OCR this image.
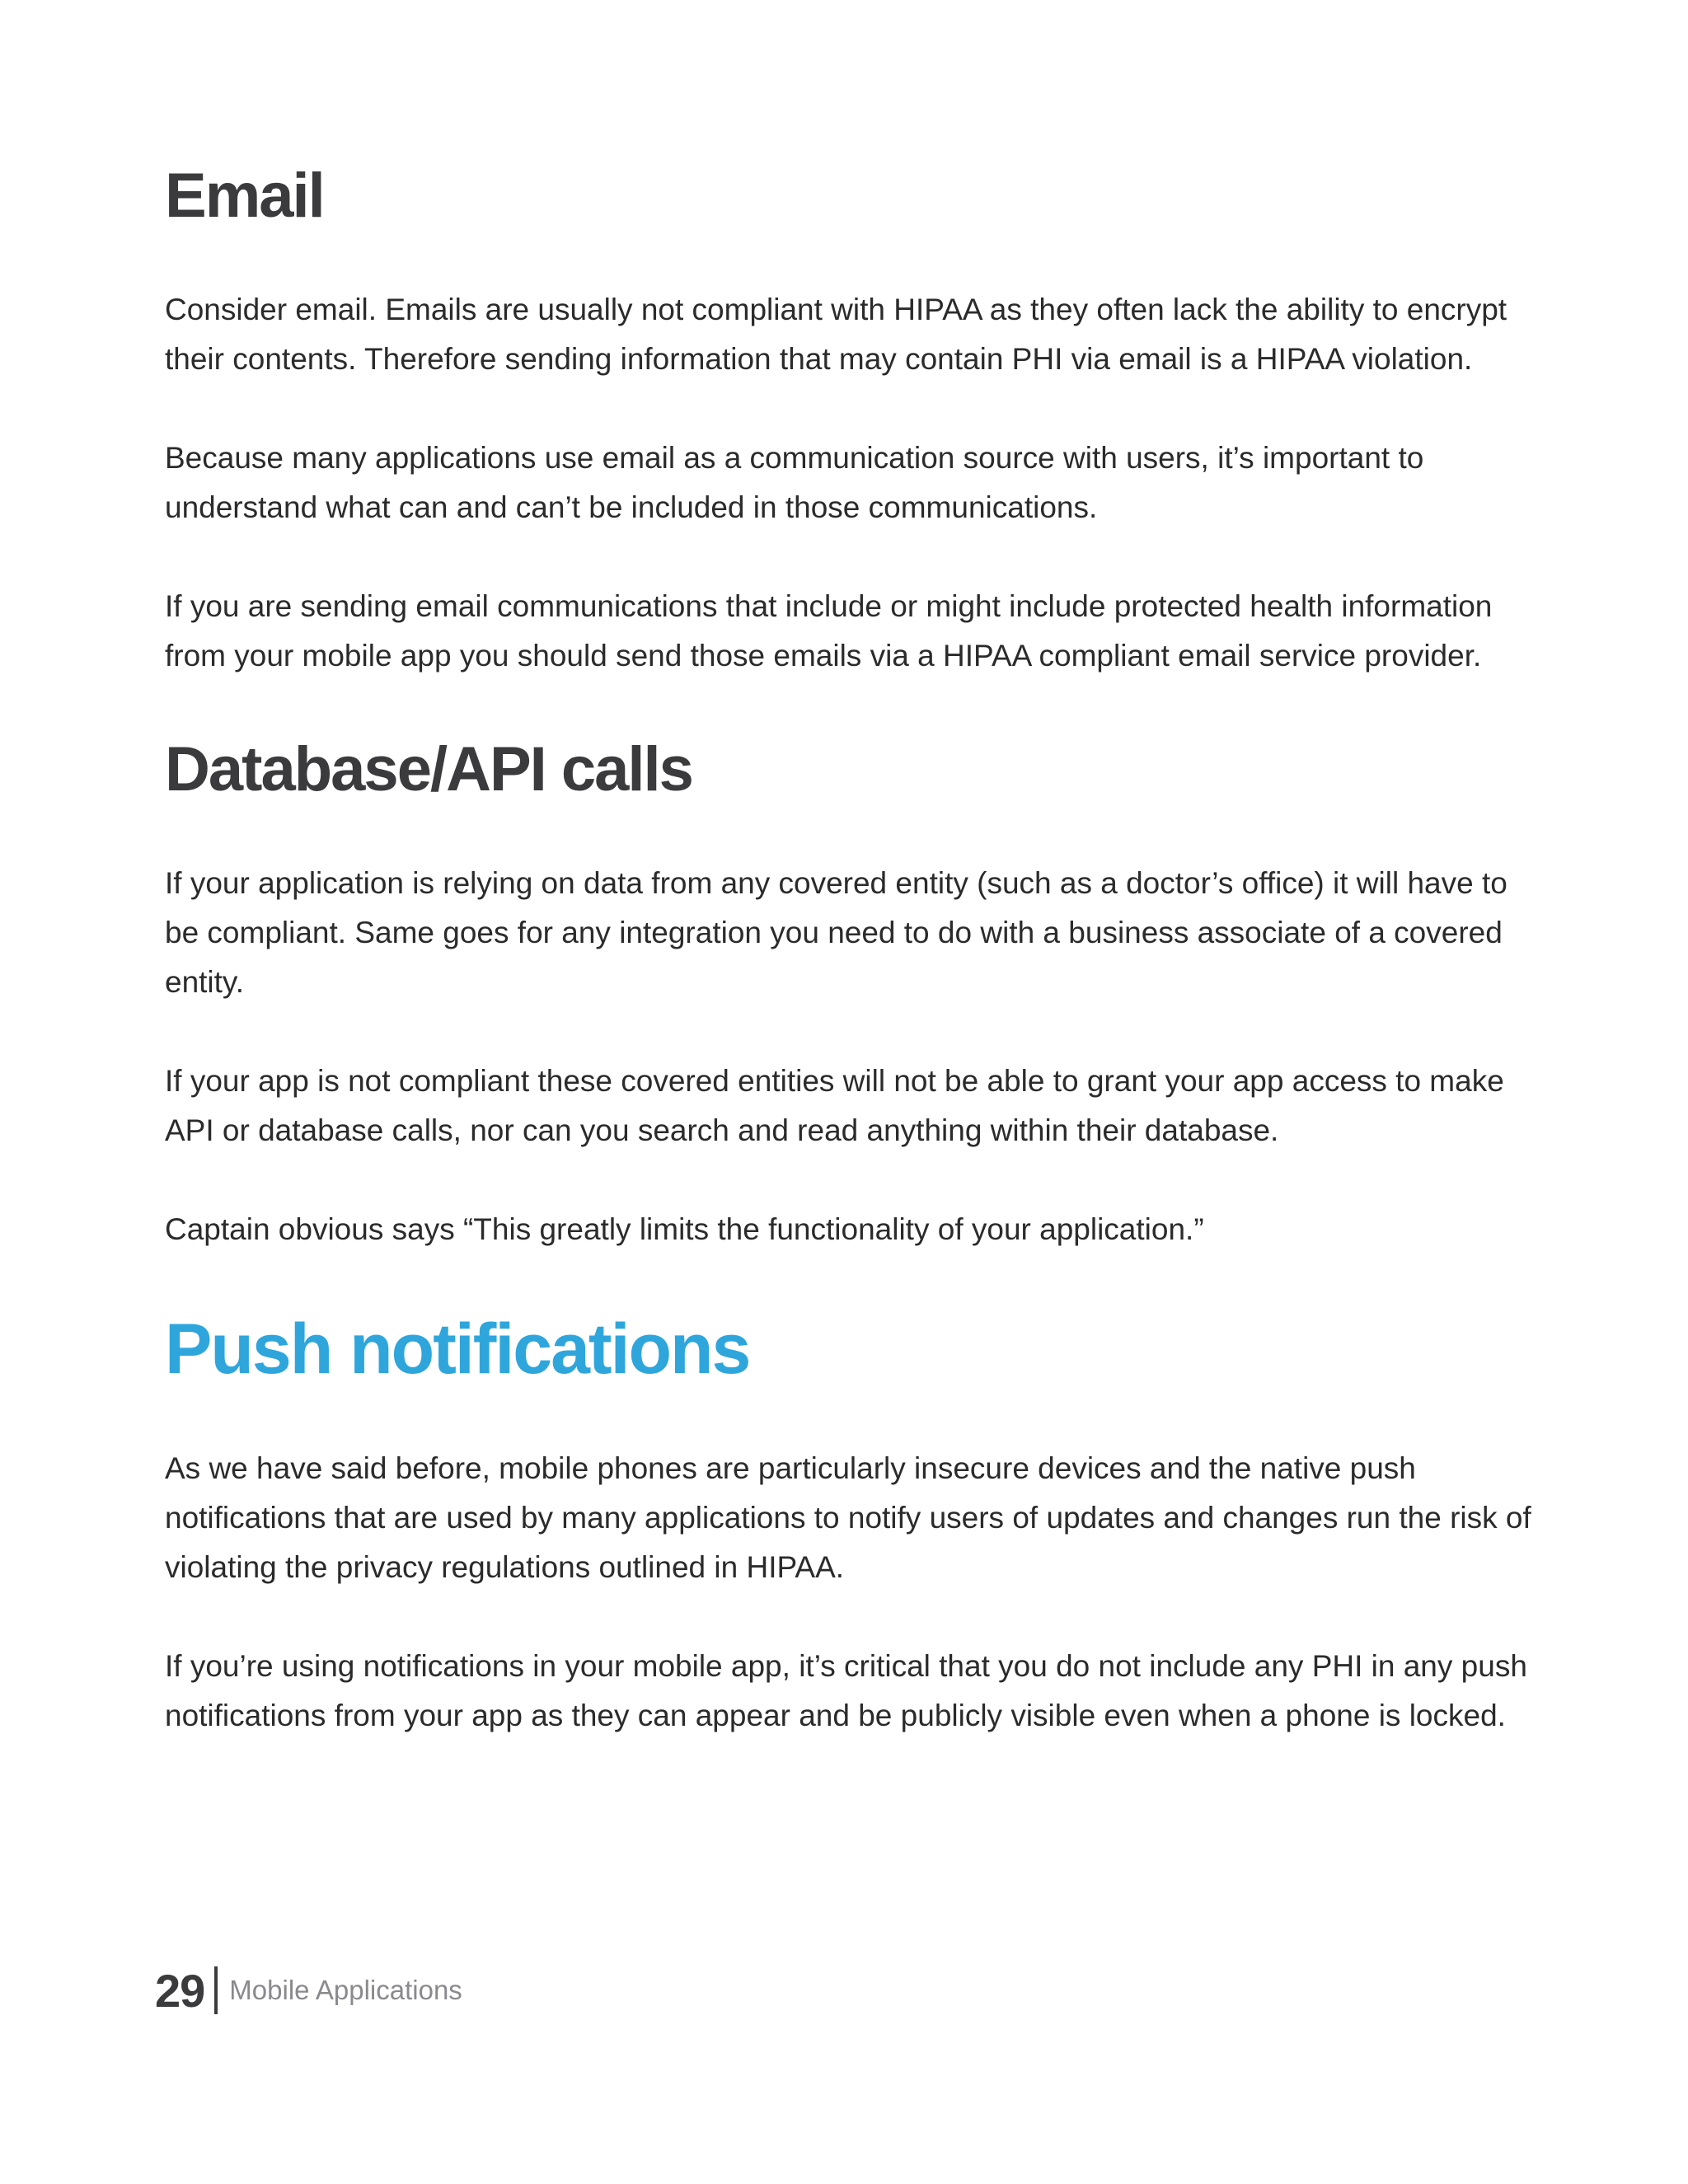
Email

Consider email. Emails are usually not compliant with HIPAA as they often lack the ability to encrypt their contents. Therefore sending information that may contain PHI via email is a HIPAA violation.

Because many applications use email as a communication source with users, it’s important to understand what can and can’t be included in those communications.

If you are sending email communications that include or might include protected health information from your mobile app you should send those emails via a HIPAA compliant email service provider.

Database/API calls

If your application is relying on data from any covered entity (such as a doctor’s office) it will have to be compliant. Same goes for any integration you need to do with a business associate of a covered entity.

If your app is not compliant these covered entities will not be able to grant your app access to make API or database calls, nor can you search and read anything within their database.

Captain obvious says “This greatly limits the functionality of your application.”

Push notifications

As we have said before, mobile phones are particularly insecure devices and the native push notifications that are used by many applications to notify users of updates and changes run the risk of violating the privacy regulations outlined in HIPAA.

If you’re using notifications in your mobile app, it’s critical that you do not include any PHI in any push notifications from your app as they can appear and be publicly visible even when a phone is locked.

29 Mobile Applications
